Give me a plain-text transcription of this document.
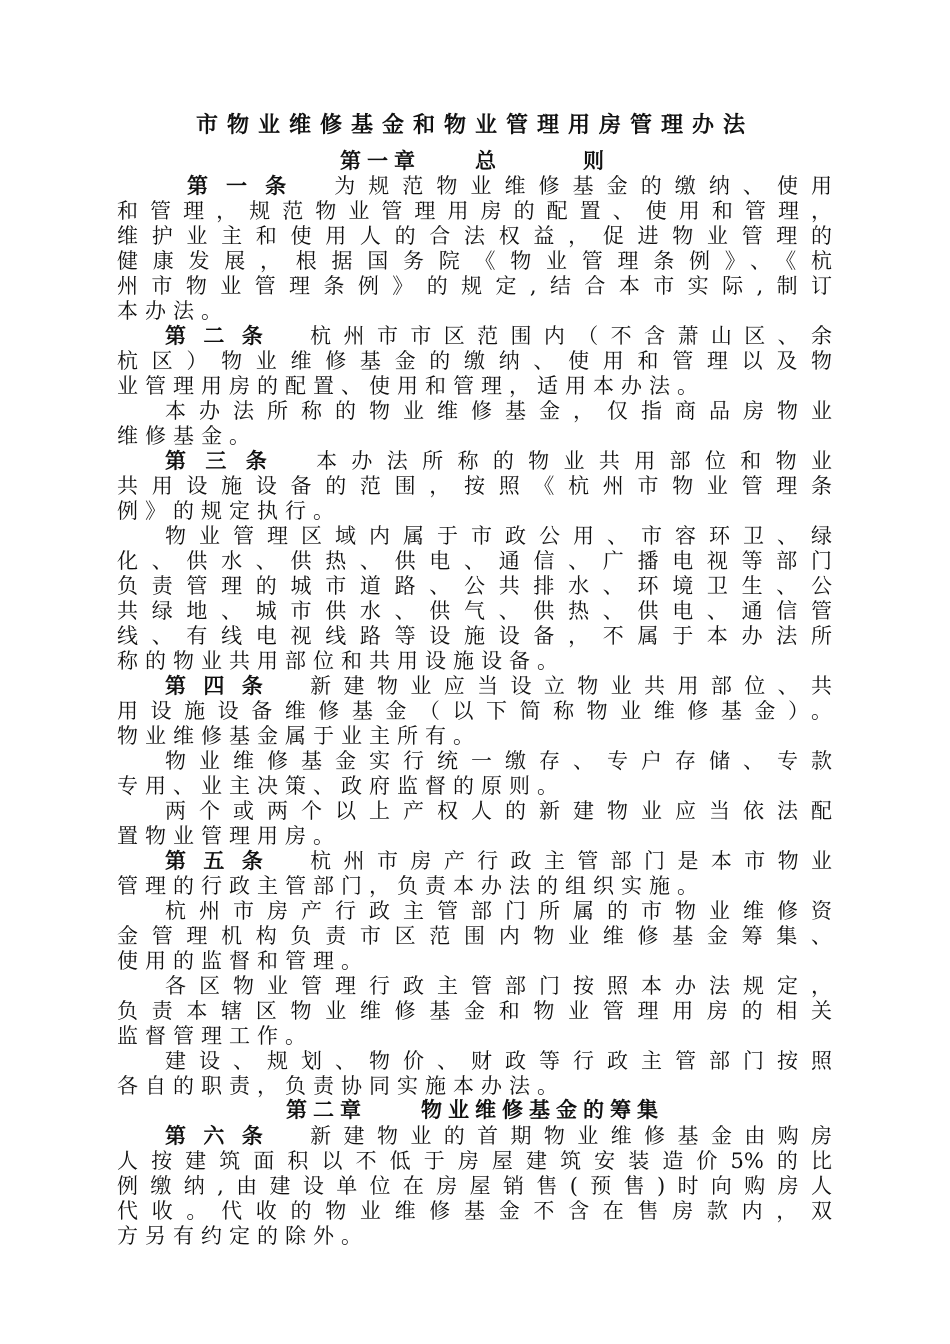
市物业维修基金和物业管理用房管理办法
第一章　　总　　　则
第一条 为规范物业维修基金的缴纳、使用
和管理，规范物业管理用房的配置、使用和管理，
维护业主和使用人的合法权益，促进物业管理的
健康发展，根据国务院《物业管理条例》、《杭
州市物业管理条例》的规定,结合本市实际,制订
本办法。
第二条 杭州市市区范围内（不含萧山区、余
杭区）物业维修基金的缴纳、使用和管理以及物
业管理用房的配置、使用和管理，适用本办法。
本办法所称的物业维修基金，仅指商品房物业
维修基金。
第三条 本办法所称的物业共用部位和物业
共用设施设备的范围，按照《杭州市物业管理条
例》的规定执行。
物业管理区域内属于市政公用、市容环卫、绿
化、供水、供热、供电、通信、广播电视等部门
负责管理的城市道路、公共排水、环境卫生、公
共绿地、城市供水、供气、供热、供电、通信管
线、有线电视线路等设施设备，不属于本办法所
称的物业共用部位和共用设施设备。
第四条 新建物业应当设立物业共用部位、共
用设施设备维修基金（以下简称物业维修基金）。
物业维修基金属于业主所有。
物业维修基金实行统一缴存、专户存储、专款
专用、业主决策、政府监督的原则。
两个或两个以上产权人的新建物业应当依法配
置物业管理用房。
第五条 杭州市房产行政主管部门是本市物业
管理的行政主管部门，负责本办法的组织实施。
杭州市房产行政主管部门所属的市物业维修资
金管理机构负责市区范围内物业维修基金筹集、
使用的监督和管理。
各区物业管理行政主管部门按照本办法规定，
负责本辖区物业维修基金和物业管理用房的相关
监督管理工作。
建设、规划、物价、财政等行政主管部门按照
各自的职责，负责协同实施本办法。
第二章　　物业维修基金的筹集
第六条 新建物业的首期物业维修基金由购房
人按建筑面积以不低于房屋建筑安装造价5%的比
例缴纳,由建设单位在房屋销售(预售)时向购房人
代收。代收的物业维修基金不含在售房款内，双
方另有约定的除外。
